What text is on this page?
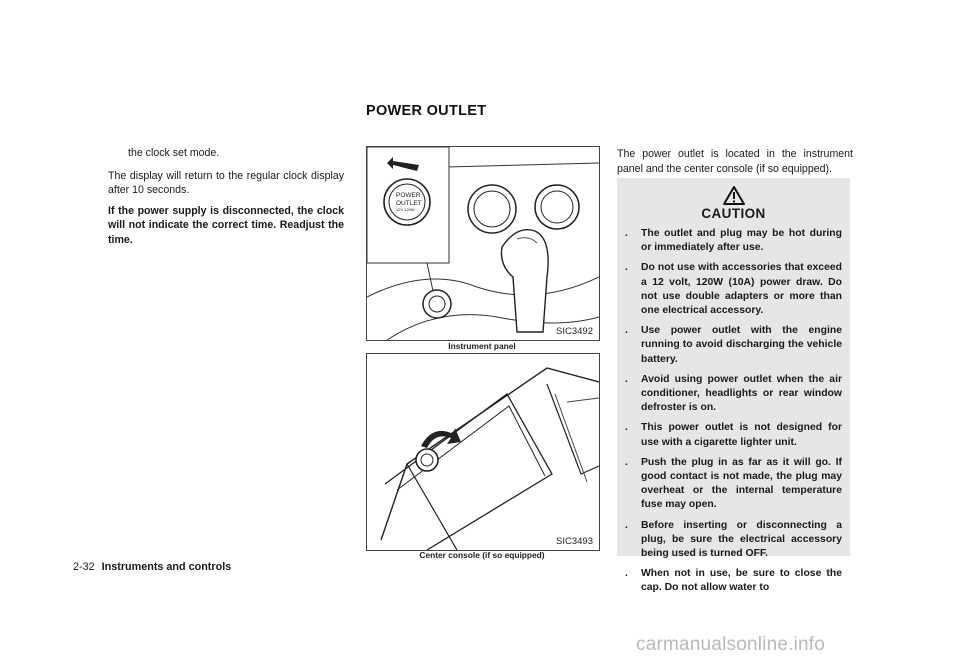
POWER OUTLET

the clock set mode.

The display will return to the regular clock display after 10 seconds.

If the power supply is disconnected, the clock will not indicate the correct time. Readjust the time.

POWER
OUTLET
12V 120W
SIC3492
Instrument panel
SIC3493
Center console (if so equipped)
The power outlet is located in the instrument panel and the center console (if so equipped).
CAUTION
. The outlet and plug may be hot during or immediately after use.
. Do not use with accessories that exceed a 12 volt, 120W (10A) power draw. Do not use double adapters or more than one electrical accessory.
. Use power outlet with the engine running to avoid discharging the vehicle battery.
. Avoid using power outlet when the air conditioner, headlights or rear window defroster is on.
. This power outlet is not designed for use with a cigarette lighter unit.
. Push the plug in as far as it will go. If good contact is not made, the plug may overheat or the internal temperature fuse may open.
. Before inserting or disconnecting a plug, be sure the electrical accessory being used is turned OFF.
. When not in use, be sure to close the cap. Do not allow water to
2-32 Instruments and controls
carmanualsonline.info
